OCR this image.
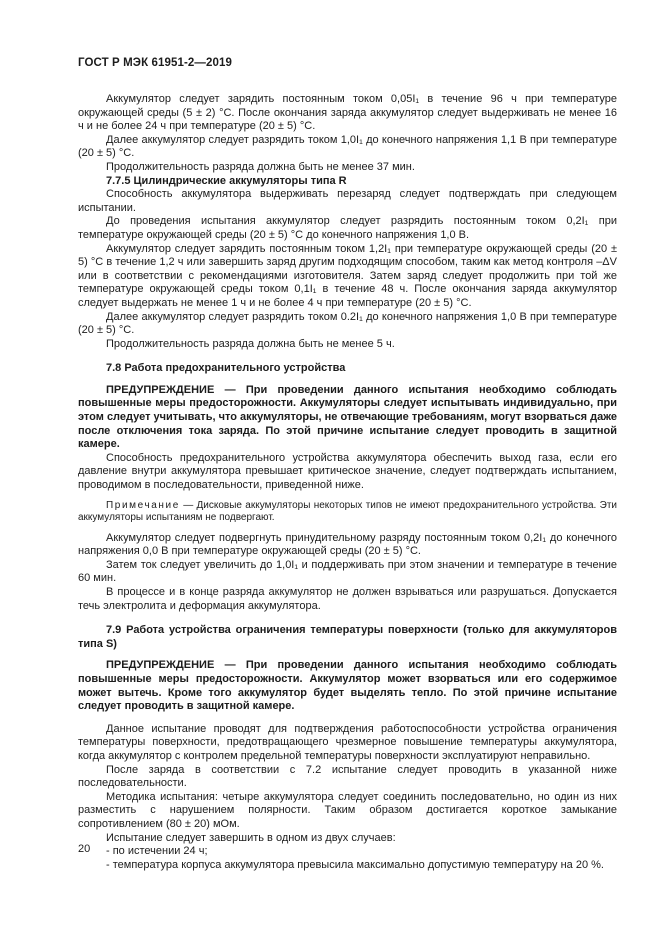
ГОСТ Р МЭК 61951-2—2019

Аккумулятор следует зарядить постоянным током 0,05I₁ в течение 96 ч при температуре окружающей среды (5 ± 2) °С. После окончания заряда аккумулятор следует выдерживать не менее 16 ч и не более 24 ч при температуре (20 ± 5) °С.

Далее аккумулятор следует разрядить током 1,0I₁ до конечного напряжения 1,1 В при температуре (20 ± 5) °С.

Продолжительность разряда должна быть не менее 37 мин.

7.7.5 Цилиндрические аккумуляторы типа R

Способность аккумулятора выдерживать перезаряд следует подтверждать при следующем испытании.

До проведения испытания аккумулятор следует разрядить постоянным током 0,2I₁ при температуре окружающей среды (20 ± 5) °С до конечного напряжения 1,0 В.

Аккумулятор следует зарядить постоянным током 1,2I₁ при температуре окружающей среды (20 ± 5) °С в течение 1,2 ч или завершить заряд другим подходящим способом, таким как метод контроля –ΔV или в соответствии с рекомендациями изготовителя. Затем заряд следует продолжить при той же температуре окружающей среды током 0,1I₁ в течение 48 ч. После окончания заряда аккумулятор следует выдержать не менее 1 ч и не более 4 ч при температуре (20 ± 5) °С.

Далее аккумулятор следует разрядить током 0.2I₁ до конечного напряжения 1,0 В при температуре (20 ± 5) °С.

Продолжительность разряда должна быть не менее 5 ч.

7.8 Работа предохранительного устройства

ПРЕДУПРЕЖДЕНИЕ — При проведении данного испытания необходимо соблюдать повышенные меры предосторожности. Аккумуляторы следует испытывать индивидуально, при этом следует учитывать, что аккумуляторы, не отвечающие требованиям, могут взорваться даже после отключения тока заряда. По этой причине испытание следует проводить в защитной камере.

Способность предохранительного устройства аккумулятора обеспечить выход газа, если его давление внутри аккумулятора превышает критическое значение, следует подтверждать испытанием, проводимом в последовательности, приведенной ниже.

Примечание — Дисковые аккумуляторы некоторых типов не имеют предохранительного устройства. Эти аккумуляторы испытаниям не подвергают.

Аккумулятор следует подвергнуть принудительному разряду постоянным током 0,2I₁ до конечного напряжения 0,0 В при температуре окружающей среды (20 ± 5) °С.

Затем ток следует увеличить до 1,0I₁ и поддерживать при этом значении и температуре в течение 60 мин.

В процессе и в конце разряда аккумулятор не должен взрываться или разрушаться. Допускается течь электролита и деформация аккумулятора.

7.9 Работа устройства ограничения температуры поверхности (только для аккумуляторов типа S)

ПРЕДУПРЕЖДЕНИЕ — При проведении данного испытания необходимо соблюдать повышенные меры предосторожности. Аккумулятор может взорваться или его содержимое может вытечь. Кроме того аккумулятор будет выделять тепло. По этой причине испытание следует проводить в защитной камере.

Данное испытание проводят для подтверждения работоспособности устройства ограничения температуры поверхности, предотвращающего чрезмерное повышение температуры аккумулятора, когда аккумулятор с контролем предельной температуры поверхности эксплуатируют неправильно.

После заряда в соответствии с 7.2 испытание следует проводить в указанной ниже последовательности.

Методика испытания: четыре аккумулятора следует соединить последовательно, но один из них разместить с нарушением полярности. Таким образом достигается короткое замыкание сопротивлением (80 ± 20) мОм.

Испытание следует завершить в одном из двух случаев:

- по истечении 24 ч;
- температура корпуса аккумулятора превысила максимально допустимую температуру на 20 %.
20
